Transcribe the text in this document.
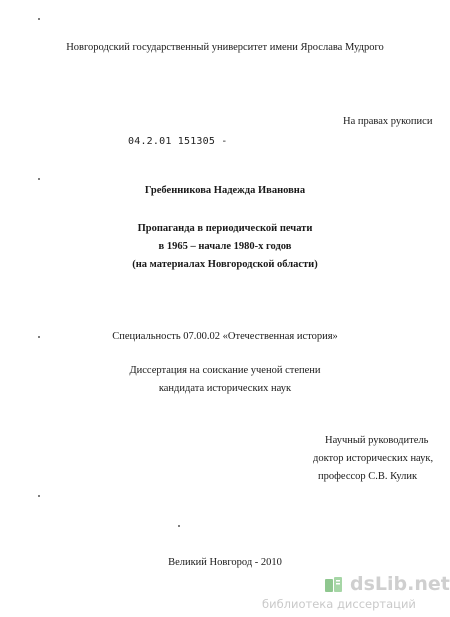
Новгородский государственный университет имени Ярослава Мудрого
На правах рукописи
04.2.01 151305 -
Гребенникова Надежда Ивановна
Пропаганда в периодической печати
в 1965 – начале 1980-х годов
(на материалах Новгородской области)
Специальность 07.00.02 «Отечественная история»
Диссертация на соискание ученой степени
кандидата исторических наук
Научный руководитель
доктор исторических наук,
профессор С.В. Кулик
Великий Новгород - 2010
dsLib.net
библиотека диссертаций
